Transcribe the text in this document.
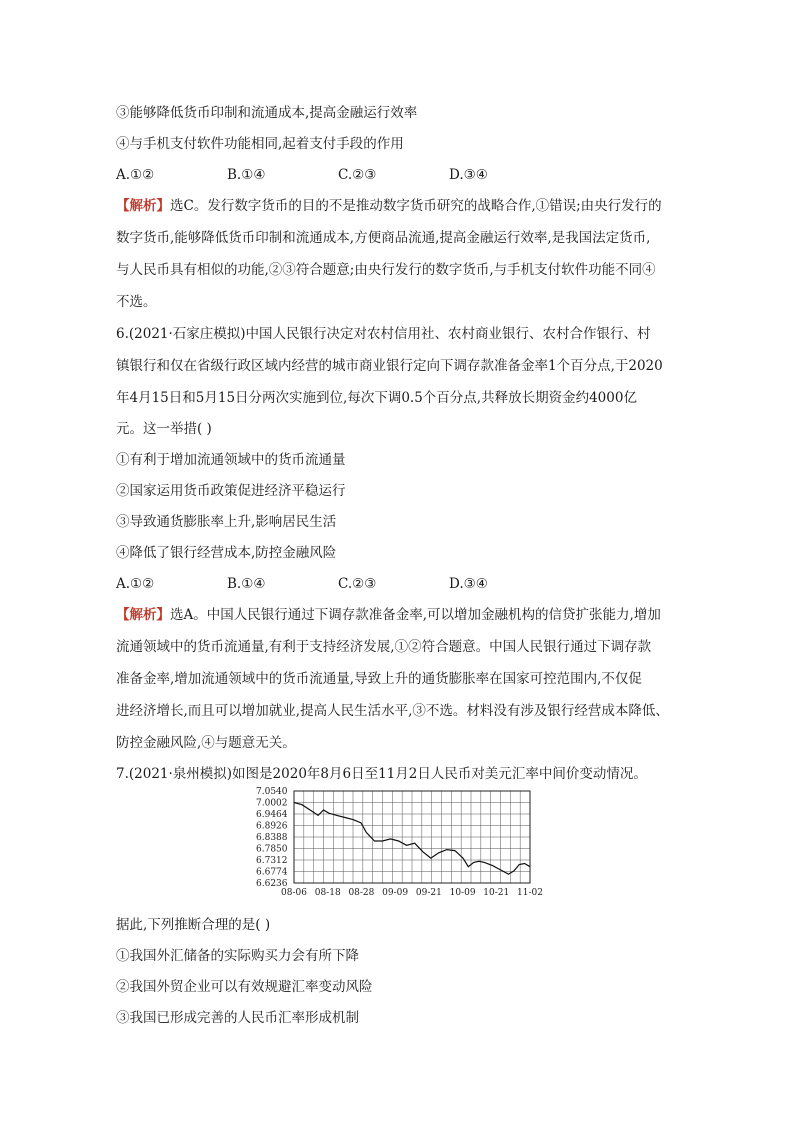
③能够降低货币印制和流通成本,提高金融运行效率
④与手机支付软件功能相同,起着支付手段的作用
A.①②	B.①④	C.②③	D.③④
【解析】选C。发行数字货币的目的不是推动数字货币研究的战略合作,①错误;由央行发行的
数字货币,能够降低货币印制和流通成本,方便商品流通,提高金融运行效率,是我国法定货币,
与人民币具有相似的功能,②③符合题意;由央行发行的数字货币,与手机支付软件功能不同④
不选。
6.(2021·石家庄模拟)中国人民银行决定对农村信用社、农村商业银行、农村合作银行、村
镇银行和仅在省级行政区域内经营的城市商业银行定向下调存款准备金率1个百分点,于2020
年4月15日和5月15日分两次实施到位,每次下调0.5个百分点,共释放长期资金约4000亿
元。这一举措( )
①有利于增加流通领域中的货币流通量
②国家运用货币政策促进经济平稳运行
③导致通货膨胀率上升,影响居民生活
④降低了银行经营成本,防控金融风险
A.①②	B.①④	C.②③	D.③④
【解析】选A。中国人民银行通过下调存款准备金率,可以增加金融机构的信贷扩张能力,增加
流通领域中的货币流通量,有利于支持经济发展,①②符合题意。中国人民银行通过下调存款
准备金率,增加流通领域中的货币流通量,导致上升的通货膨胀率在国家可控范围内,不仅促
进经济增长,而且可以增加就业,提高人民生活水平,③不选。材料没有涉及银行经营成本降低、
防控金融风险,④与题意无关。
7.(2021·泉州模拟)如图是2020年8月6日至11月2日人民币对美元汇率中间价变动情况。
7.0540
7.0002
6.9464
6.8926
6.8388
6.7850
6.7312
6.6774
6.6236
08-06 08-18 08-28 09-09 09-21 10-09 10-21 11-02
据此,下列推断合理的是( )
①我国外汇储备的实际购买力会有所下降
②我国外贸企业可以有效规避汇率变动风险
③我国已形成完善的人民币汇率形成机制
